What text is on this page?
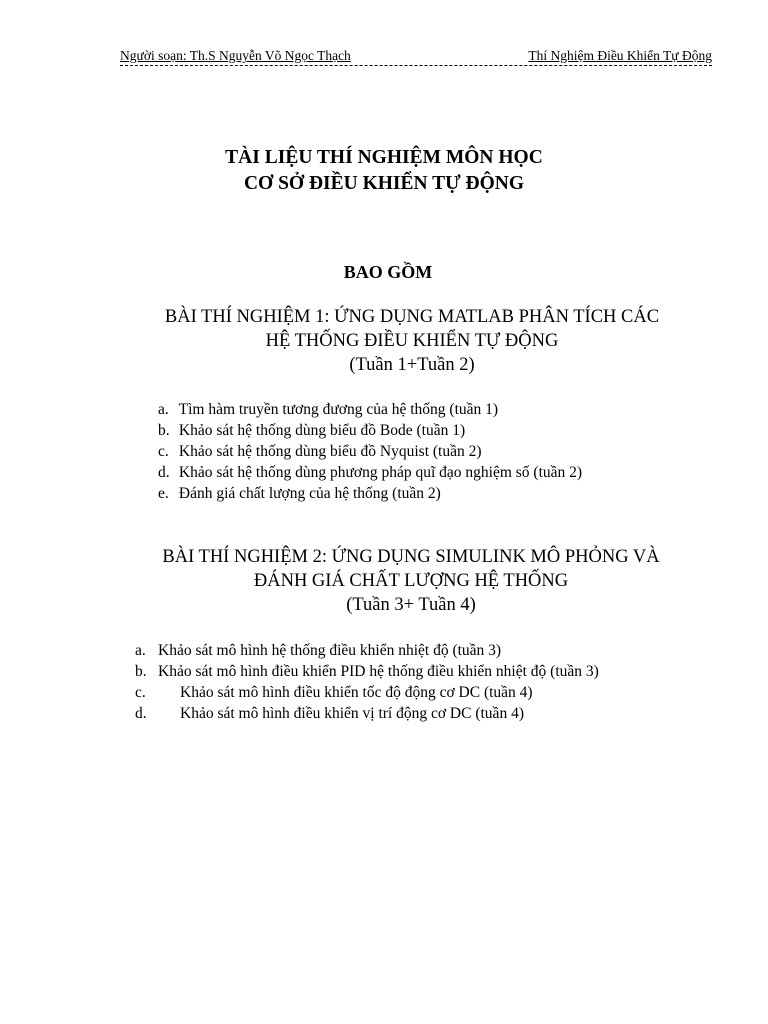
Người soạn: Th.S Nguyễn Võ Ngọc Thạch	Thí Nghiệm Điều Khiển Tự Động
TÀI LIỆU THÍ NGHIỆM MÔN HỌC
CƠ SỞ ĐIỀU KHIỂN TỰ ĐỘNG
BAO GỒM
BÀI THÍ NGHIỆM 1: ỨNG DỤNG MATLAB PHÂN TÍCH CÁC
HỆ THỐNG ĐIỀU KHIỂN TỰ ĐỘNG
(Tuần 1+Tuần 2)
a. Tìm hàm truyền tương đương của hệ thống (tuần 1)
b. Khảo sát hệ thống dùng biểu đồ Bode (tuần 1)
c. Khảo sát hệ thống dùng biểu đồ Nyquist (tuần 2)
d. Khảo sát hệ thống dùng phương pháp quĩ đạo nghiệm số (tuần 2)
e. Đánh giá chất lượng của hệ thống (tuần 2)
BÀI THÍ NGHIỆM 2: ỨNG DỤNG SIMULINK MÔ PHỎNG VÀ
ĐÁNH GIÁ CHẤT LƯỢNG HỆ THỐNG
(Tuần 3+ Tuần 4)
a. Khảo sát mô hình hệ thống điều khiển nhiệt độ (tuần 3)
b. Khảo sát mô hình điều khiển PID hệ thống điều khiển nhiệt độ (tuần 3)
c. Khảo sát mô hình điều khiển tốc độ động cơ DC (tuần 4)
d. Khảo sát mô hình điều khiển vị trí động cơ DC (tuần 4)
